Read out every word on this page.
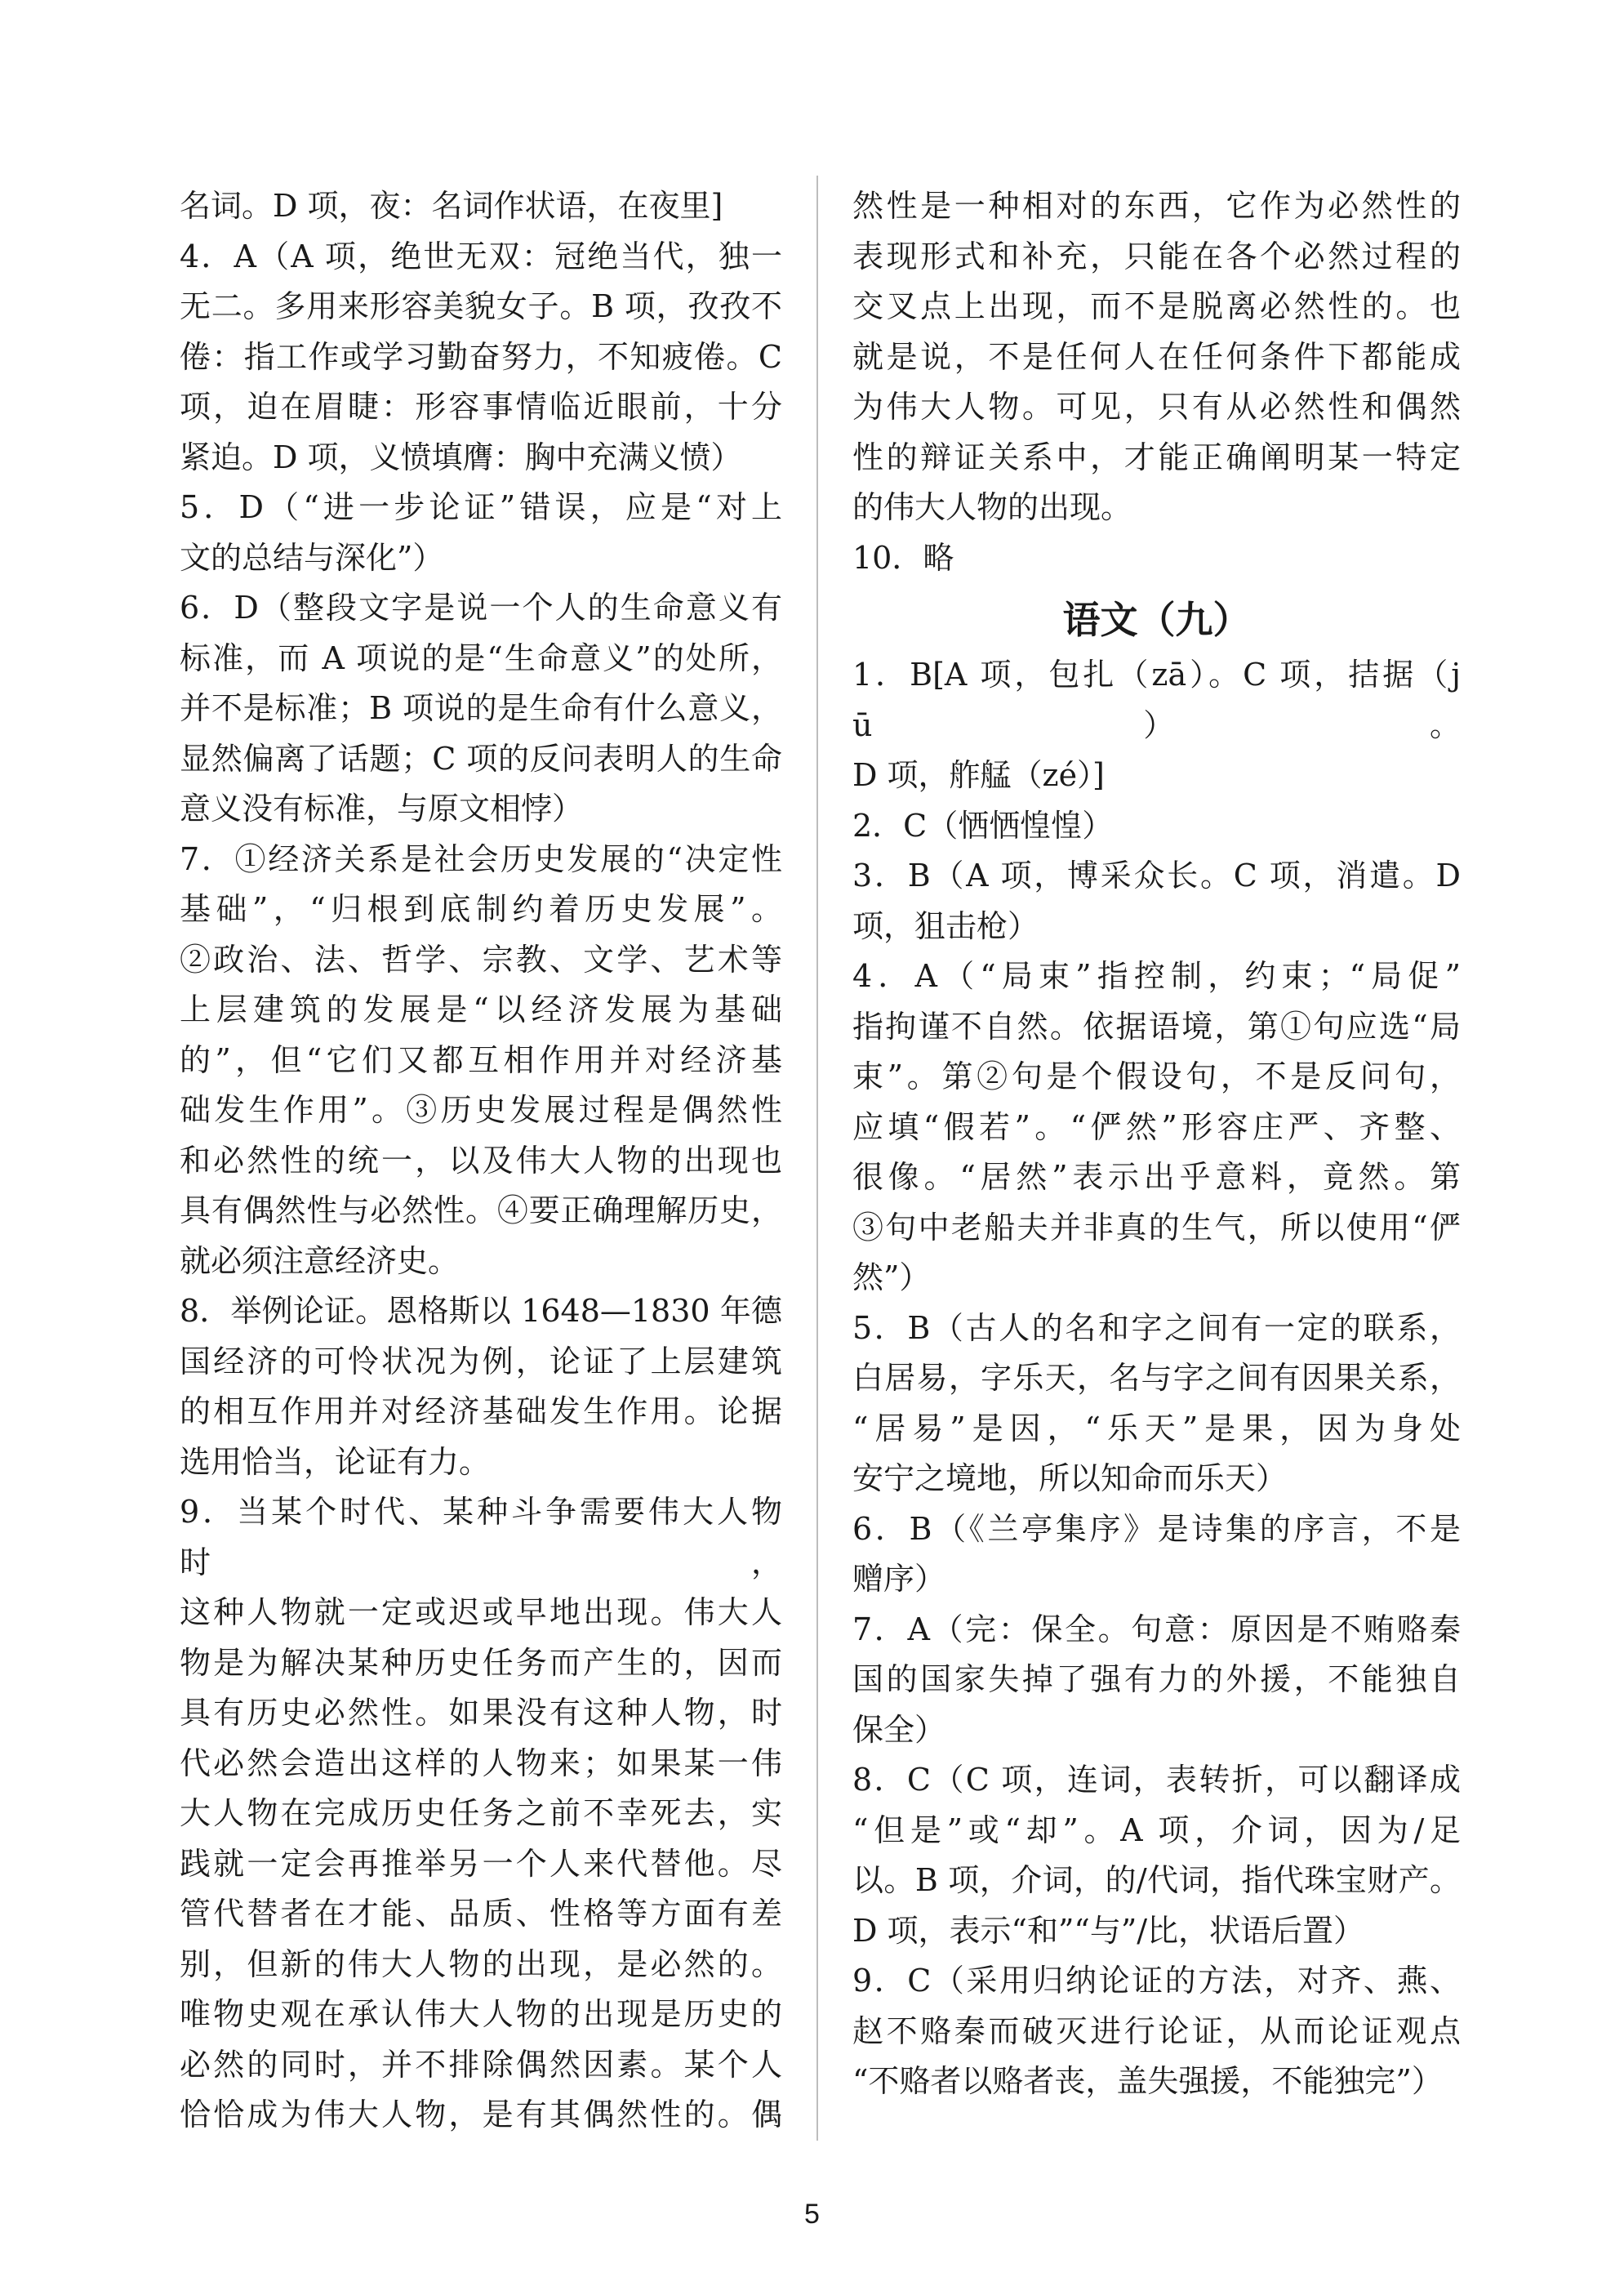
名词。D 项，夜：名词作状语，在夜里]
4．A（A 项，绝世无双：冠绝当代，独一
无二。多用来形容美貌女子。B 项，孜孜不
倦：指工作或学习勤奋努力，不知疲倦。C
项，迫在眉睫：形容事情临近眼前，十分
紧迫。D 项，义愤填膺：胸中充满义愤）
5．D（“进一步论证”错误，应是“对上
文的总结与深化”）
6．D（整段文字是说一个人的生命意义有
标准，而 A 项说的是“生命意义”的处所，
并不是标准；B 项说的是生命有什么意义，
显然偏离了话题；C 项的反问表明人的生命
意义没有标准，与原文相悖）
7．①经济关系是社会历史发展的“决定性
基础”，“归根到底制约着历史发展”。
②政治、法、哲学、宗教、文学、艺术等
上层建筑的发展是“以经济发展为基础
的”，但“它们又都互相作用并对经济基
础发生作用”。③历史发展过程是偶然性
和必然性的统一，以及伟大人物的出现也
具有偶然性与必然性。④要正确理解历史，
就必须注意经济史。
8．举例论证。恩格斯以 1648—1830 年德
国经济的可怜状况为例，论证了上层建筑
的相互作用并对经济基础发生作用。论据
选用恰当，论证有力。
9．当某个时代、某种斗争需要伟大人物时，
这种人物就一定或迟或早地出现。伟大人
物是为解决某种历史任务而产生的，因而
具有历史必然性。如果没有这种人物，时
代必然会造出这样的人物来；如果某一伟
大人物在完成历史任务之前不幸死去，实
践就一定会再推举另一个人来代替他。尽
管代替者在才能、品质、性格等方面有差
别，但新的伟大人物的出现，是必然的。
唯物史观在承认伟大人物的出现是历史的
必然的同时，并不排除偶然因素。某个人
恰恰成为伟大人物，是有其偶然性的。偶
然性是一种相对的东西，它作为必然性的
表现形式和补充，只能在各个必然过程的
交叉点上出现，而不是脱离必然性的。也
就是说，不是任何人在任何条件下都能成
为伟大人物。可见，只有从必然性和偶然
性的辩证关系中，才能正确阐明某一特定
的伟大人物的出现。
10．略
语文（九）
1．B[A 项，包扎（zā）。C 项，拮据（jū）。
D 项，舴艋（zé）]
2．C（恓恓惶惶）
3．B（A 项，博采众长。C 项，消遣。D
项，狙击枪）
4．A（“局束”指控制，约束；“局促”
指拘谨不自然。依据语境，第①句应选“局
束”。第②句是个假设句，不是反问句，
应填“假若”。“俨然”形容庄严、齐整、
很像。“居然”表示出乎意料，竟然。第
③句中老船夫并非真的生气，所以使用“俨
然”）
5．B（古人的名和字之间有一定的联系，
白居易，字乐天，名与字之间有因果关系，
“居易”是因，“乐天”是果，因为身处
安宁之境地，所以知命而乐天）
6．B（《兰亭集序》是诗集的序言，不是
赠序）
7．A（完：保全。句意：原因是不贿赂秦
国的国家失掉了强有力的外援，不能独自
保全）
8．C（C 项，连词，表转折，可以翻译成
“但是”或“却”。A 项，介词，因为/足
以。B 项，介词，的/代词，指代珠宝财产。
D 项，表示“和”“与”/比，状语后置）
9．C（采用归纳论证的方法，对齐、燕、
赵不赂秦而破灭进行论证，从而论证观点
“不赂者以赂者丧，盖失强援，不能独完”）
5
